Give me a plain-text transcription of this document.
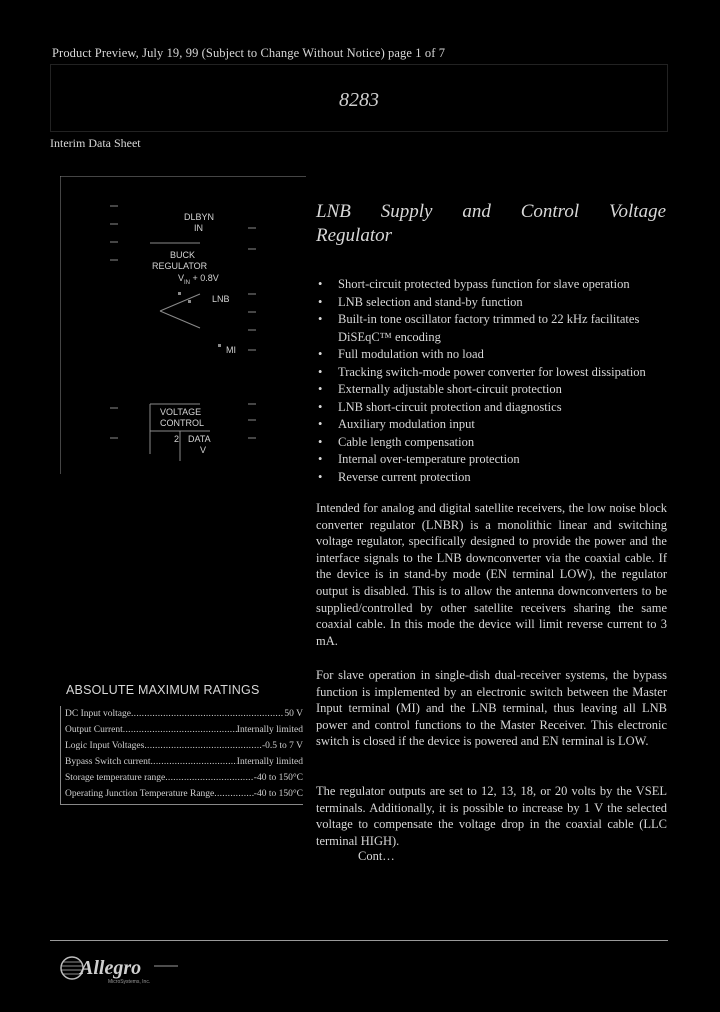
Product Preview, July 19, 99 (Subject to Change Without Notice) page 1 of 7
8283
Interim Data Sheet
DLBYN
IN
BUCK
REGULATOR
$V_{IN} + 0.8V$
LNB
MI
VOLTAGE
CONTROL
2 DATA
V
ABSOLUTE MAXIMUM RATINGS
DC Input voltage .....	50 V
Output Current .....	Internally limited
Logic Input Voltages .....	-0.5 to 7 V
Bypass Switch current .....	Internally limited
Storage temperature range .....	-40 to 150°C
Operating Junction Temperature Range .....	-40 to 150°C
LNB Supply and Control Voltage
Regulator
• Short-circuit protected bypass function for slave operation
• LNB selection and stand-by function
• Built-in tone oscillator factory trimmed to 22 kHz facilitates DiSEqC™ encoding
• Full modulation with no load
• Tracking switch-mode power converter for lowest dissipation
• Externally adjustable short-circuit protection
• LNB short-circuit protection and diagnostics
• Auxiliary modulation input
• Cable length compensation
• Internal over-temperature protection
• Reverse current protection

Intended for analog and digital satellite receivers, the low noise block converter regulator (LNBR) is a monolithic linear and switching voltage regulator, specifically designed to provide the power and the interface signals to the LNB downconverter via the coaxial cable. If the device is in stand-by mode (EN terminal LOW), the regulator output is disabled. This is to allow the antenna downconverters to be supplied/controlled by other satellite receivers sharing the same coaxial cable. In this mode the device will limit reverse current to 3 mA.

For slave operation in single-dish dual-receiver systems, the bypass function is implemented by an electronic switch between the Master Input terminal (MI) and the LNB terminal, thus leaving all LNB power and control functions to the Master Receiver. This electronic switch is closed if the device is powered and EN terminal is LOW.

The regulator outputs are set to 12, 13, 18, or 20 volts by the VSEL terminals. Additionally, it is possible to increase by 1 V the selected voltage to compensate the voltage drop in the coaxial cable (LLC terminal HIGH).

Cont…
Allegro
MicroSystems, Inc.
